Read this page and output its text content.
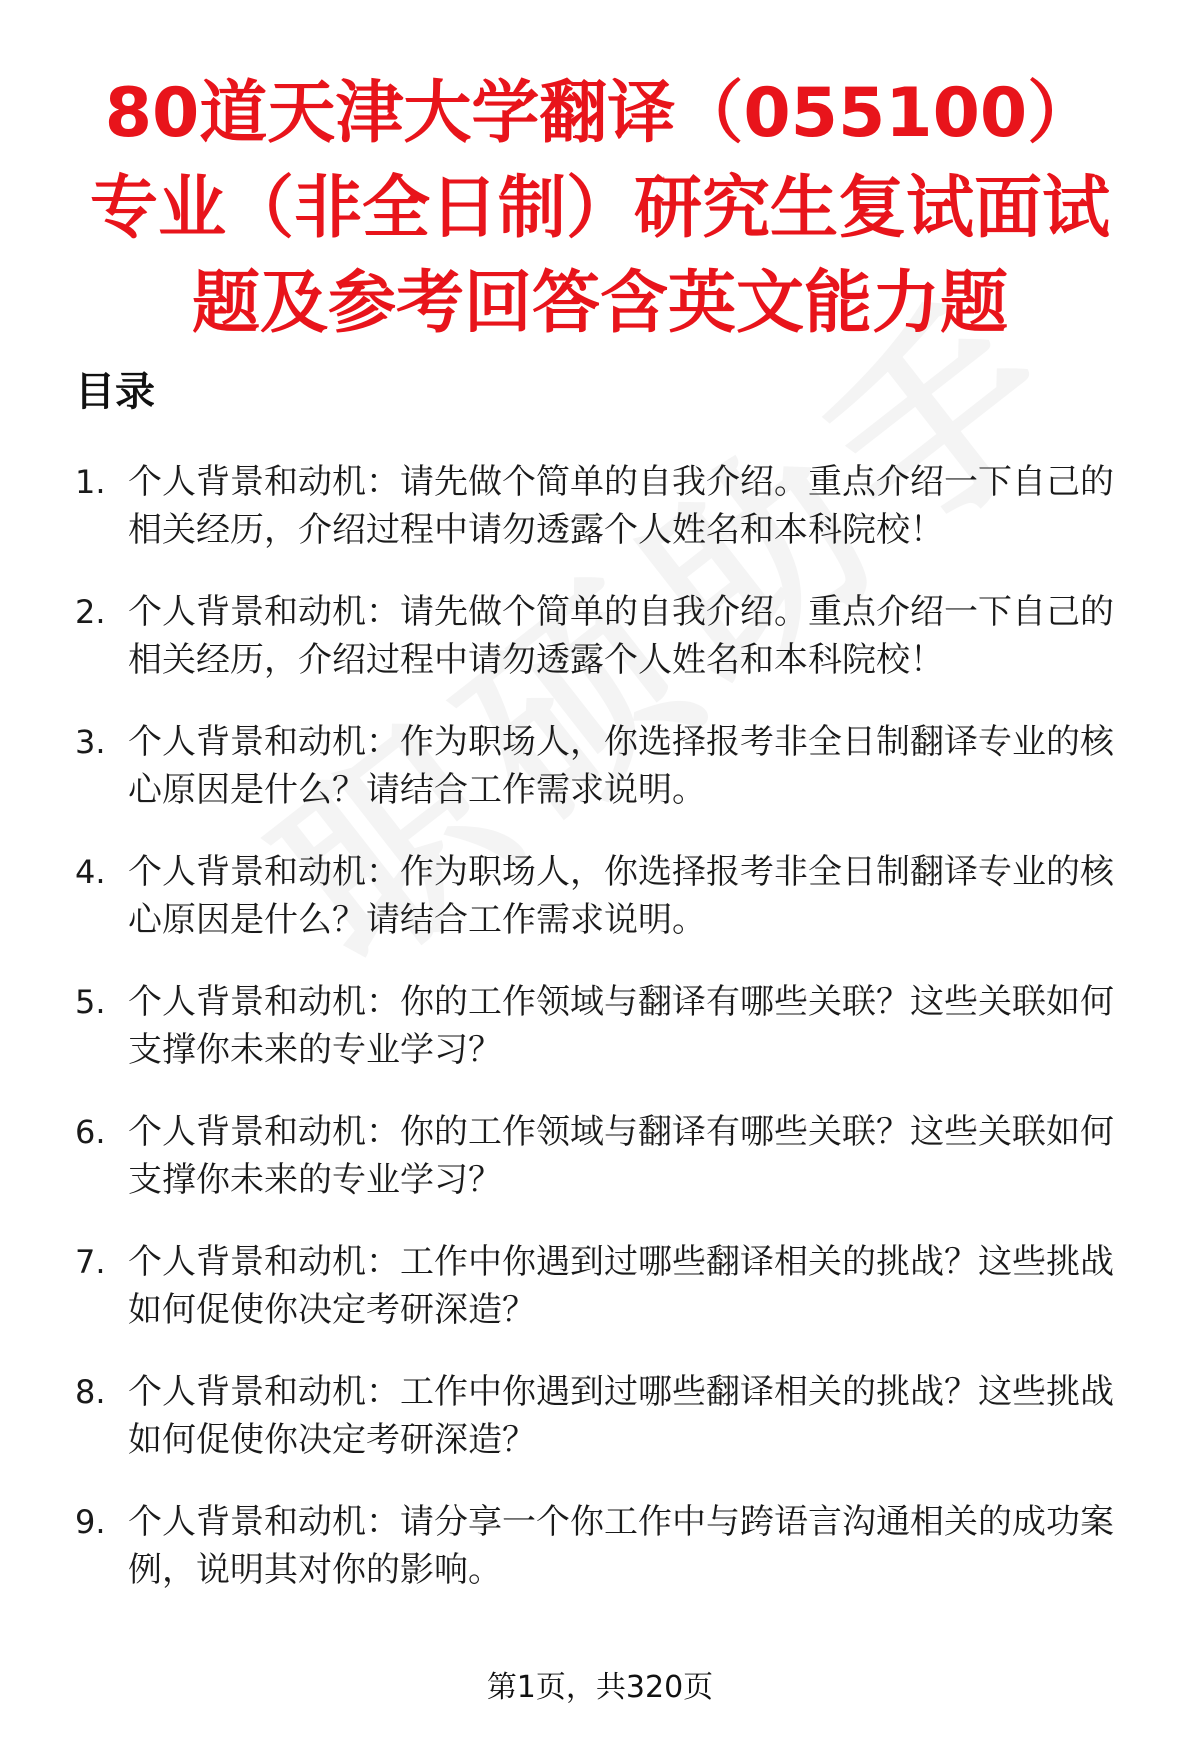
80道天津大学翻译（055100）专业（非全日制）研究生复试面试题及参考回答含英文能力题
目录
1. 个人背景和动机：请先做个简单的自我介绍。重点介绍一下自己的相关经历，介绍过程中请勿透露个人姓名和本科院校！
2. 个人背景和动机：请先做个简单的自我介绍。重点介绍一下自己的相关经历，介绍过程中请勿透露个人姓名和本科院校！
3. 个人背景和动机：作为职场人，你选择报考非全日制翻译专业的核心原因是什么？请结合工作需求说明。
4. 个人背景和动机：作为职场人，你选择报考非全日制翻译专业的核心原因是什么？请结合工作需求说明。
5. 个人背景和动机：你的工作领域与翻译有哪些关联？这些关联如何支撑你未来的专业学习？
6. 个人背景和动机：你的工作领域与翻译有哪些关联？这些关联如何支撑你未来的专业学习？
7. 个人背景和动机：工作中你遇到过哪些翻译相关的挑战？这些挑战如何促使你决定考研深造？
8. 个人背景和动机：工作中你遇到过哪些翻译相关的挑战？这些挑战如何促使你决定考研深造？
9. 个人背景和动机：请分享一个你工作中与跨语言沟通相关的成功案例，说明其对你的影响。
第1页，共320页
